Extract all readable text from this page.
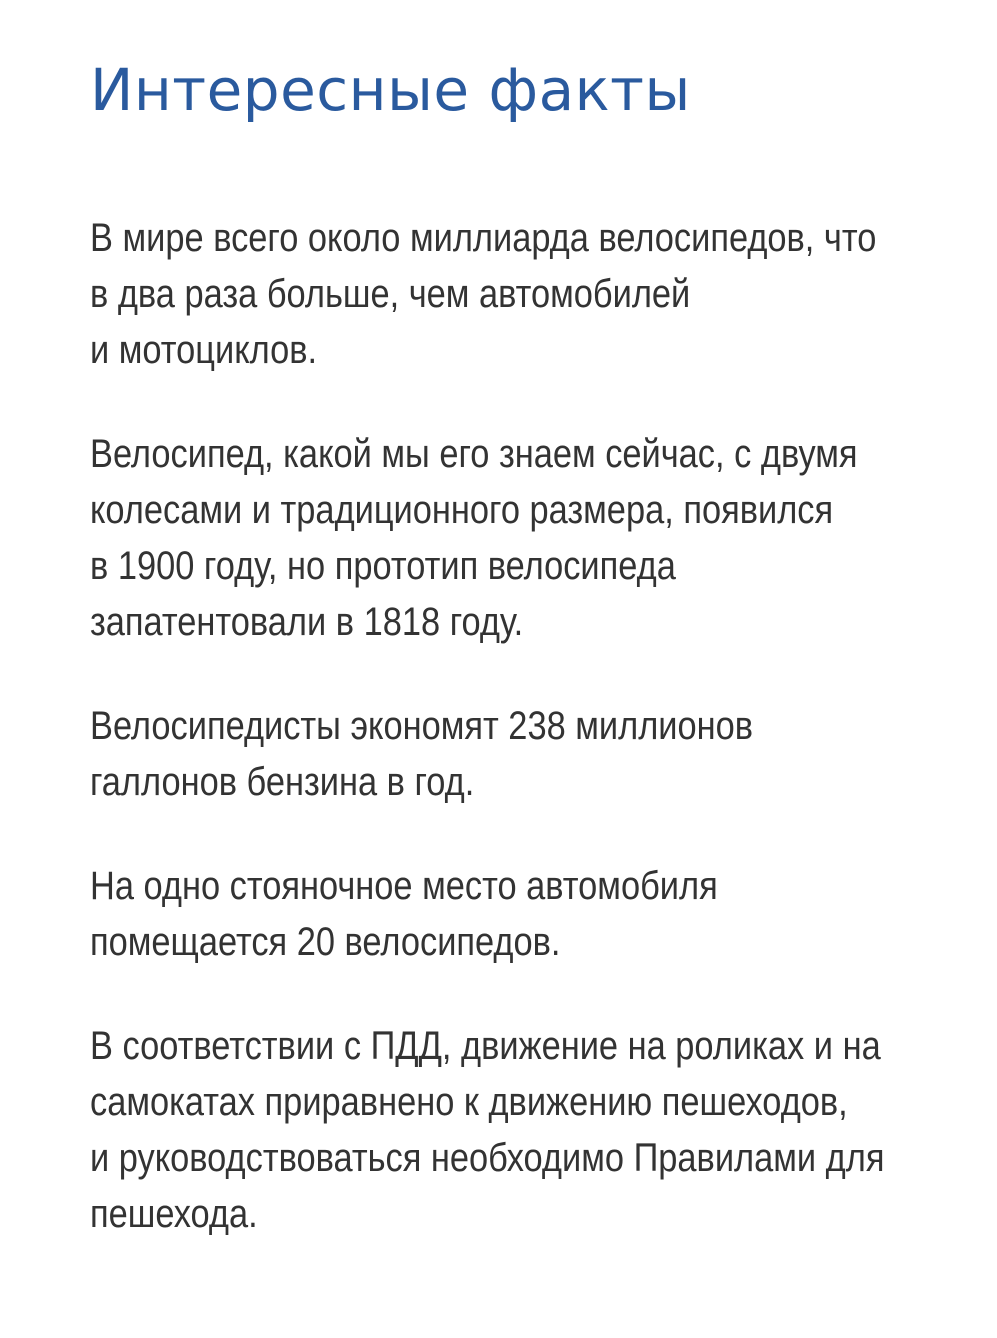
Интересные факты

В мире всего около миллиарда велосипедов, что
в два раза больше, чем автомобилей
и мотоциклов.

Велосипед, какой мы его знаем сейчас, с двумя
колесами и традиционного размера, появился
в 1900 году, но прототип велосипеда
запатентовали в 1818 году.

Велосипедисты экономят 238 миллионов
галлонов бензина в год.

На одно стояночное место автомобиля
помещается 20 велосипедов.

В соответствии с ПДД, движение на роликах и на
самокатах приравнено к движению пешеходов,
и руководствоваться необходимо Правилами для
пешехода.
